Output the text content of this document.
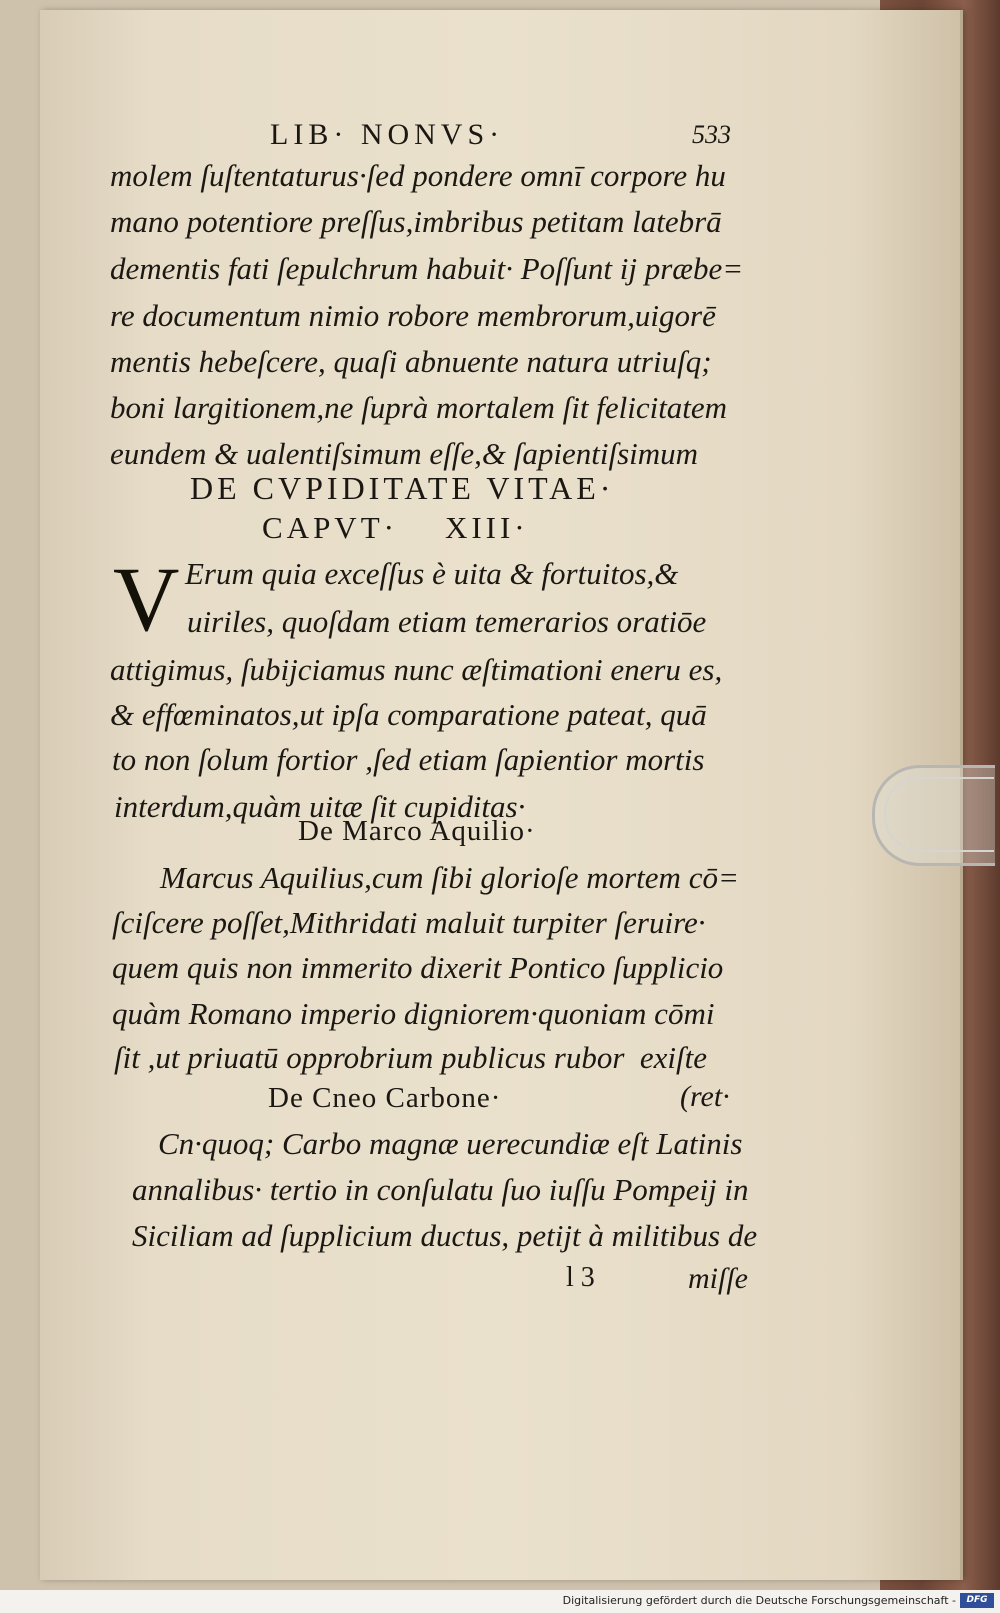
LIB· NONVS·	533
molem ſuſtentaturus·ſed pondere omnī corpore hu
mano potentiore preſſus,imbribus petitam latebrā
dementis fati ſepulchrum habuit· Poſſunt ij præbe=
re documentum nimio robore membrorum,uigorē
mentis hebeſcere, quaſi abnuente natura utriuſq;
boni largitionem,ne ſuprà mortalem ſit felicitatem
eundem & ualentiſsimum eſſe,& ſapientiſsimum
DE CVPIDITATE VITAE·
CAPVT·    XIII·
V Erum quia exceſſus è uita & fortuitos,&
uiriles, quoſdam etiam temerarios oratiōe
attigimus, ſubijciamus nunc æſtimationi eneru es,
& effœminatos,ut ipſa comparatione pateat, quā
to non ſolum fortior ,ſed etiam ſapientior mortis
interdum,quàm uitæ ſit cupiditas·
De Marco Aquilio·
Marcus Aquilius,cum ſibi glorioſe mortem cō=
ſciſcere poſſet,Mithridati maluit turpiter ſeruire·
quem quis non immerito dixerit Pontico ſupplicio
quàm Romano imperio digniorem·quoniam cōmi
ſit ,ut priuatū opprobrium publicus rubor  exiſte
De Cneo Carbone·	(ret·
Cn·quoq; Carbo magnæ uerecundiæ eſt Latinis
annalibus· tertio in conſulatu ſuo iuſſu Pompeij in
Siciliam ad ſupplicium ductus, petijt à militibus de
l 3	miſſe
Digitalisierung gefördert durch die Deutsche Forschungsgemeinschaft -	DFG
